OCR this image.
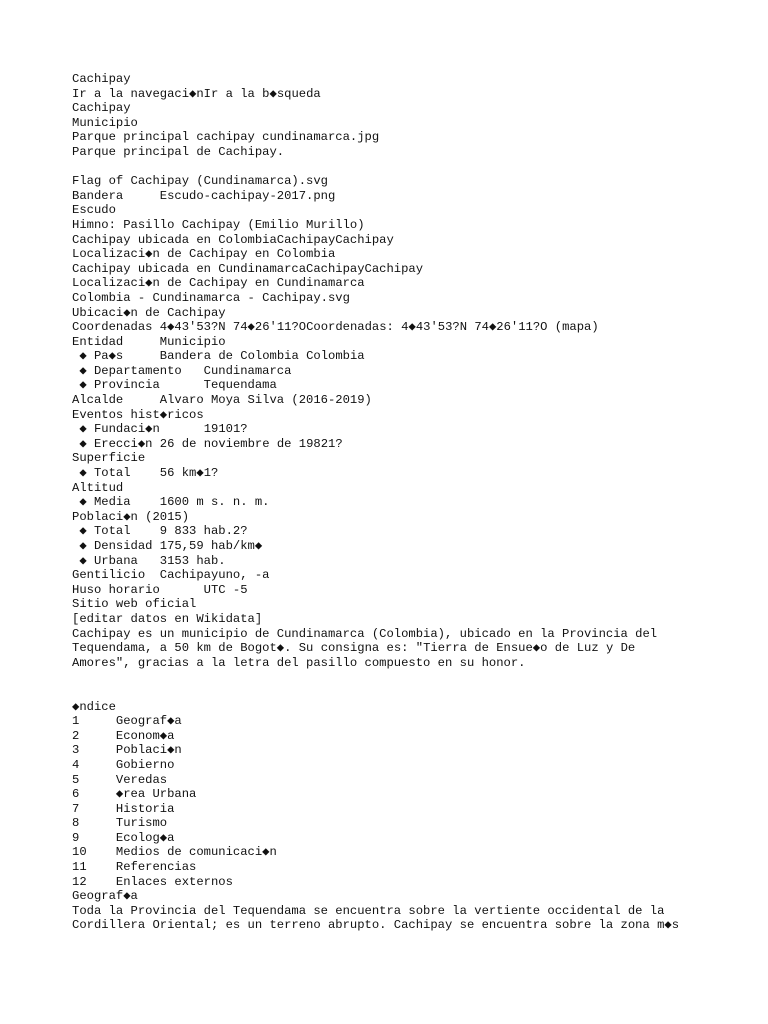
Cachipay
Ir a la navegaci◆nIr a la b◆squeda
Cachipay
Municipio
Parque principal cachipay cundinamarca.jpg
Parque principal de Cachipay.
Flag of Cachipay (Cundinamarca).svg
Bandera     Escudo-cachipay-2017.png
Escudo
Himno: Pasillo Cachipay (Emilio Murillo)
Cachipay ubicada en ColombiaCachipayCachipay
Localizaci◆n de Cachipay en Colombia
Cachipay ubicada en CundinamarcaCachipayCachipay
Localizaci◆n de Cachipay en Cundinamarca
Colombia - Cundinamarca - Cachipay.svg
Ubicaci◆n de Cachipay
Coordenadas 4◆43'53?N 74◆26'11?OCoordenadas: 4◆43'53?N 74◆26'11?O (mapa)
Entidad     Municipio
◆ Pa◆s     Bandera de Colombia Colombia
◆ Departamento   Cundinamarca
◆ Provincia      Tequendama
Alcalde     Alvaro Moya Silva (2016-2019)
Eventos hist◆ricos
◆ Fundaci◆n      19101?
◆ Erecci◆n 26 de noviembre de 19821?
Superficie
◆ Total    56 km◆1?
Altitud
◆ Media    1600 m s. n. m.
Poblaci◆n (2015)
◆ Total    9 833 hab.2?
◆ Densidad 175,59 hab/km◆
◆ Urbana   3153 hab.
Gentilicio  Cachipayuno, -a
Huso horario      UTC -5
Sitio web oficial
[editar datos en Wikidata]
Cachipay es un municipio de Cundinamarca (Colombia), ubicado en la Provincia del
Tequendama, a 50 km de Bogot◆. Su consigna es: "Tierra de Ensue◆o de Luz y De
Amores", gracias a la letra del pasillo compuesto en su honor.
◆ndice
1     Geograf◆a
2     Econom◆a
3     Poblaci◆n
4     Gobierno
5     Veredas
6     ◆rea Urbana
7     Historia
8     Turismo
9     Ecolog◆a
10    Medios de comunicaci◆n
11    Referencias
12    Enlaces externos
Geograf◆a
Toda la Provincia del Tequendama se encuentra sobre la vertiente occidental de la
Cordillera Oriental; es un terreno abrupto. Cachipay se encuentra sobre la zona m◆s
